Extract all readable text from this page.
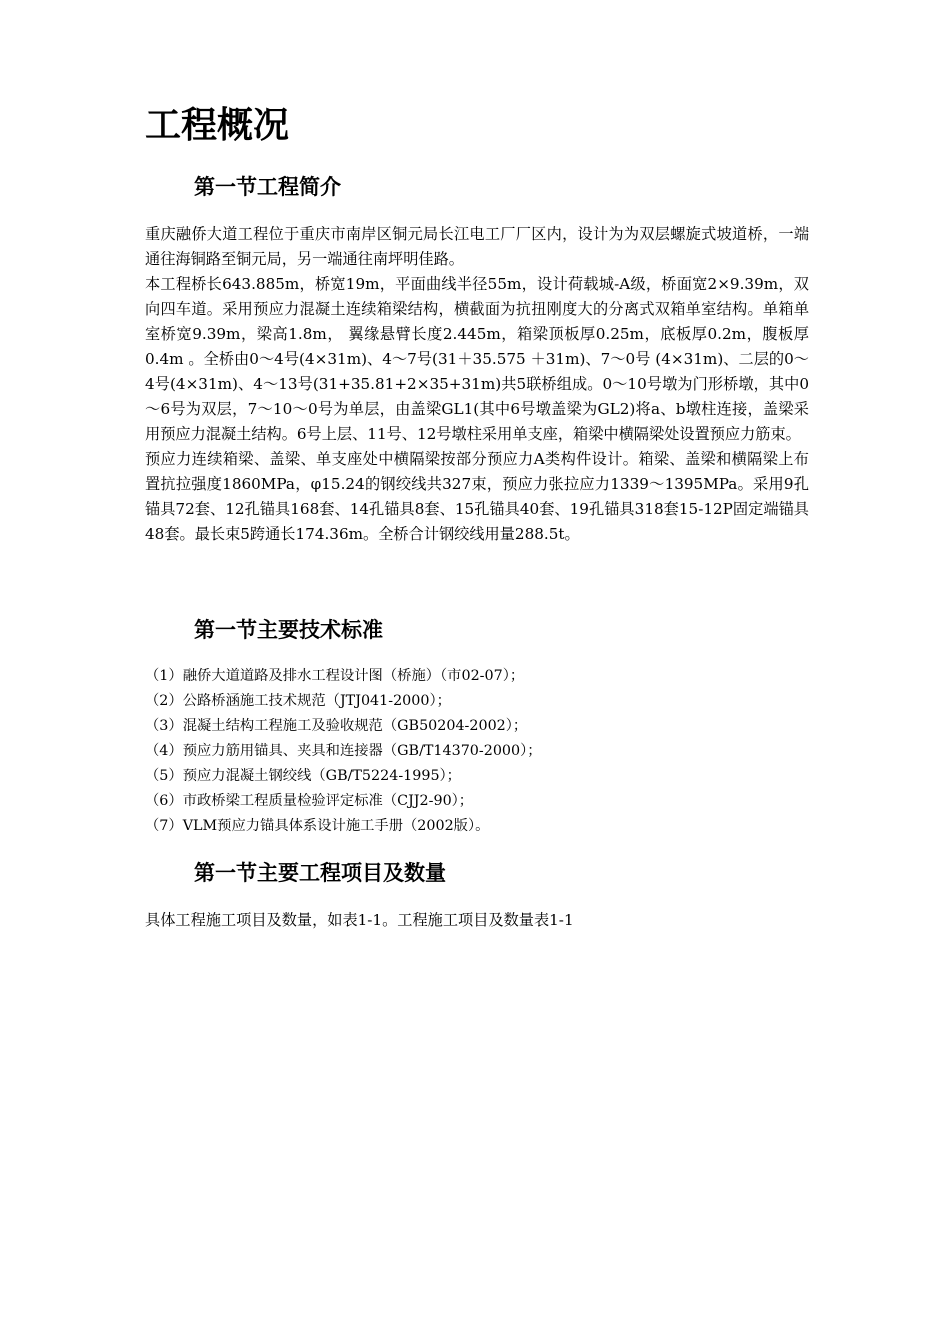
工程概况
第一节工程简介

重庆融侨大道工程位于重庆市南岸区铜元局长江电工厂厂区内，设计为为双层螺旋式坡道桥，一端通往海铜路至铜元局，另一端通往南坪明佳路。

本工程桥长643.885m，桥宽19m，平面曲线半径55m，设计荷载城-A级，桥面宽2×9.39m，双向四车道。采用预应力混凝土连续箱梁结构，横截面为抗扭刚度大的分离式双箱单室结构。单箱单室桥宽9.39m，梁高1.8m， 翼缘悬臂长度2.445m，箱梁顶板厚0.25m，底板厚0.2m，腹板厚0.4m 。全桥由0～4号(4×31m)、4～7号(31＋35.575 ＋31m)、7～0号 (4×31m)、二层的0～4号(4×31m)、4～13号(31+35.81+2×35+31m)共5联桥组成。0～10号墩为门形桥墩，其中0～6号为双层，7～10～0号为单层，由盖梁GL1(其中6号墩盖梁为GL2)将a、b墩柱连接，盖梁采用预应力混凝土结构。6号上层、11号、12号墩柱采用单支座，箱梁中横隔梁处设置预应力筋束。

预应力连续箱梁、盖梁、单支座处中横隔梁按部分预应力A类构件设计。箱梁、盖梁和横隔梁上布置抗拉强度1860MPa，φ15.24的钢绞线共327束，预应力张拉应力1339～1395MPa。采用9孔锚具72套、12孔锚具168套、14孔锚具8套、15孔锚具40套、19孔锚具318套15-12P固定端锚具48套。最长束5跨通长174.36m。全桥合计钢绞线用量288.5t。

第一节主要技术标准
（1）融侨大道道路及排水工程设计图（桥施）（市02-07）；
（2）公路桥涵施工技术规范（JTJ041-2000）；
（3）混凝土结构工程施工及验收规范（GB50204-2002）；
（4）预应力筋用锚具、夹具和连接器（GB/T14370-2000）；
（5）预应力混凝土钢绞线（GB/T5224-1995）；
（6）市政桥梁工程质量检验评定标准（CJJ2-90）；
（7）VLM预应力锚具体系设计施工手册（2002版）。
第一节主要工程项目及数量

具体工程施工项目及数量，如表1-1。工程施工项目及数量表1-1
